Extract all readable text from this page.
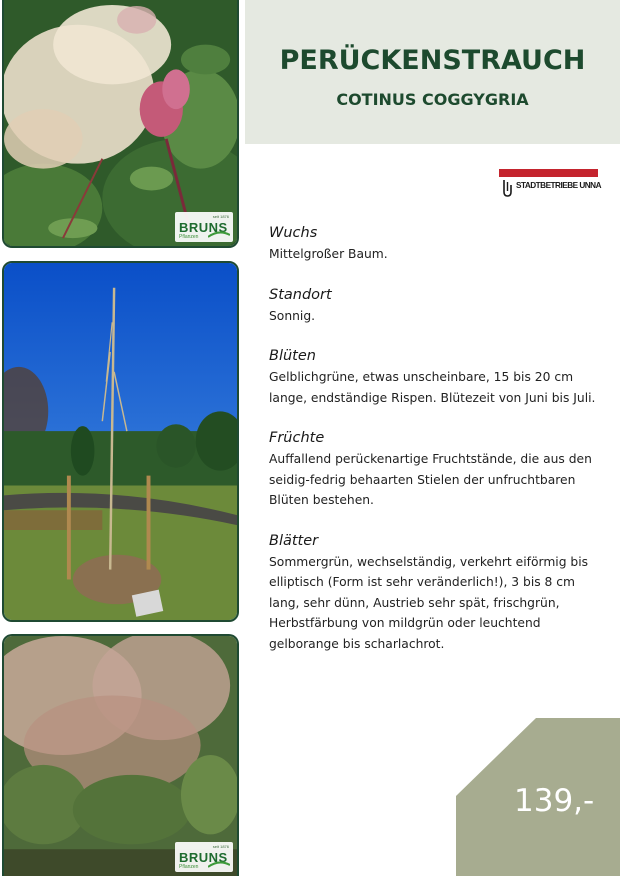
seit 1876
BRUNS
Pflanzen
seit 1876
BRUNS
Pflanzen
PERÜCKENSTRAUCH
COTINUS COGGYGRIA
STADTBETRIEBE UNNA

Wuchs

Mittelgroßer Baum.

Standort

Sonnig.

Blüten

Gelblichgrüne, etwas unscheinbare, 15 bis 20 cm lange, endständige Rispen. Blütezeit von Juni bis Juli.

Früchte

Auffallend perückenartige Fruchtstände, die aus den seidig-fedrig behaarten Stielen der unfruchtbaren Blüten bestehen.

Blätter

Sommergrün, wechselständig, verkehrt eiförmig bis elliptisch (Form ist sehr veränderlich!), 3 bis 8 cm lang, sehr dünn, Austrieb sehr spät, frischgrün, Herbstfärbung von mildgrün oder leuchtend gelborange bis scharlachrot.

139,-
